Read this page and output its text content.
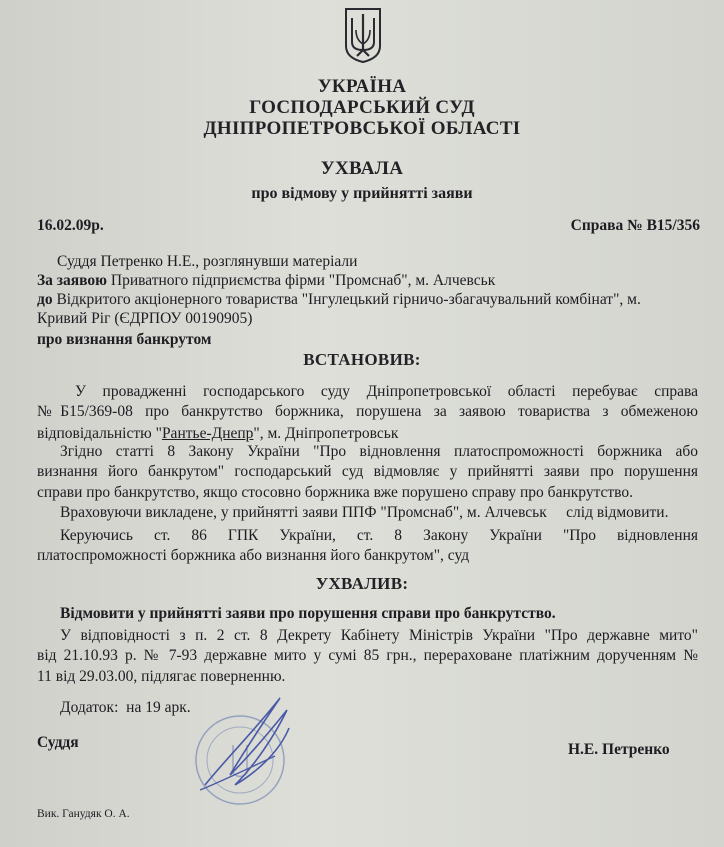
УКРАЇНА
ГОСПОДАРСЬКИЙ СУД
ДНІПРОПЕТРОВСЬКОЇ ОБЛАСТІ
УХВАЛА
про відмову у прийнятті заяви
16.02.09р.	Справа № В15/356
Суддя Петренко Н.Е., розглянувши матеріали
За заявою Приватного підприємства фірми "Промснаб", м. Алчевськ
до Відкритого акціонерного товариства "Інгулецький гірничо-збагачувальний комбінат", м.
Кривий Ріг (ЄДРПОУ 00190905)
про визнання банкрутом
ВСТАНОВИВ:
У провадженні господарського суду Дніпропетровської області перебуває справа
№Б15/369-08 про банкрутство боржника, порушена за заявою товариства з обмеженою
відповідальністю "Рантье-Днепр", м. Дніпропетровськ
Згідно статті 8 Закону України "Про відновлення платоспроможності боржника або
визнання його банкрутом" господарський суд відмовляє у прийнятті заяви про порушення
справи про банкрутство, якщо стосовно боржника вже порушено справу про банкрутство.
Враховуючи викладене, у прийнятті заяви ППФ "Промснаб", м. Алчевськ     слід відмовити.
Керуючись ст. 86 ГПК України, ст. 8 Закону України "Про відновлення
платоспроможності боржника або визнання його банкрутом", суд
УХВАЛИВ:
Відмовити у прийнятті заяви про порушення справи про банкрутство.
У відповідності з п. 2 ст. 8 Декрету Кабінету Міністрів України "Про державне мито"
від 21.10.93 р. № 7-93 державне мито у сумі 85 грн., перераховане платіжним дорученням №
11 від 29.03.00, підлягає поверненню.
Додаток:  на 19 арк.
Суддя	Н.Е. Петренко
Вик. Ганудяк О. А.
